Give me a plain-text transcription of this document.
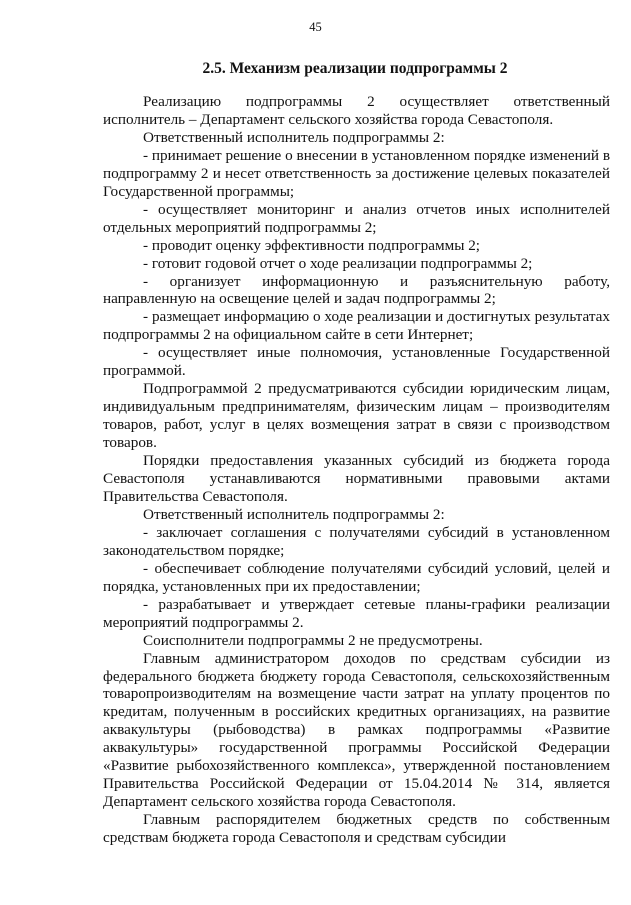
45
2.5. Механизм реализации подпрограммы 2

Реализацию подпрограммы 2 осуществляет ответственный исполнитель – Департамент сельского хозяйства города Севастополя.

Ответственный исполнитель подпрограммы 2:

- принимает решение о внесении в установленном порядке изменений в подпрограмму 2 и несет ответственность за достижение целевых показателей Государственной программы;

- осуществляет мониторинг и анализ отчетов иных исполнителей отдельных мероприятий подпрограммы 2;

- проводит оценку эффективности подпрограммы 2;

- готовит годовой отчет о ходе реализации подпрограммы 2;

- организует информационную и разъяснительную работу, направленную на освещение целей и задач подпрограммы 2;

- размещает информацию о ходе реализации и достигнутых результатах подпрограммы 2 на официальном сайте в сети Интернет;

- осуществляет иные полномочия, установленные Государственной программой.

Подпрограммой 2 предусматриваются субсидии юридическим лицам, индивидуальным предпринимателям, физическим лицам – производителям товаров, работ, услуг в целях возмещения затрат в связи с производством товаров.

Порядки предоставления указанных субсидий из бюджета города Севастополя устанавливаются нормативными правовыми актами Правительства Севастополя.

Ответственный исполнитель подпрограммы 2:

- заключает соглашения с получателями субсидий в установленном законодательством порядке;

- обеспечивает соблюдение получателями субсидий условий, целей и порядка, установленных при их предоставлении;

- разрабатывает и утверждает сетевые планы-графики реализации мероприятий подпрограммы 2.

Соисполнители подпрограммы 2 не предусмотрены.

Главным администратором доходов по средствам субсидии из федерального бюджета бюджету города Севастополя, сельскохозяйственным товаропроизводителям на возмещение части затрат на уплату процентов по кредитам, полученным в российских кредитных организациях, на развитие аквакультуры (рыбоводства) в рамках подпрограммы «Развитие аквакультуры» государственной программы Российской Федерации «Развитие рыбохозяйственного комплекса», утвержденной постановлением Правительства Российской Федерации от 15.04.2014 № 314, является Департамент сельского хозяйства города Севастополя.

Главным распорядителем бюджетных средств по собственным средствам бюджета города Севастополя и средствам субсидии
